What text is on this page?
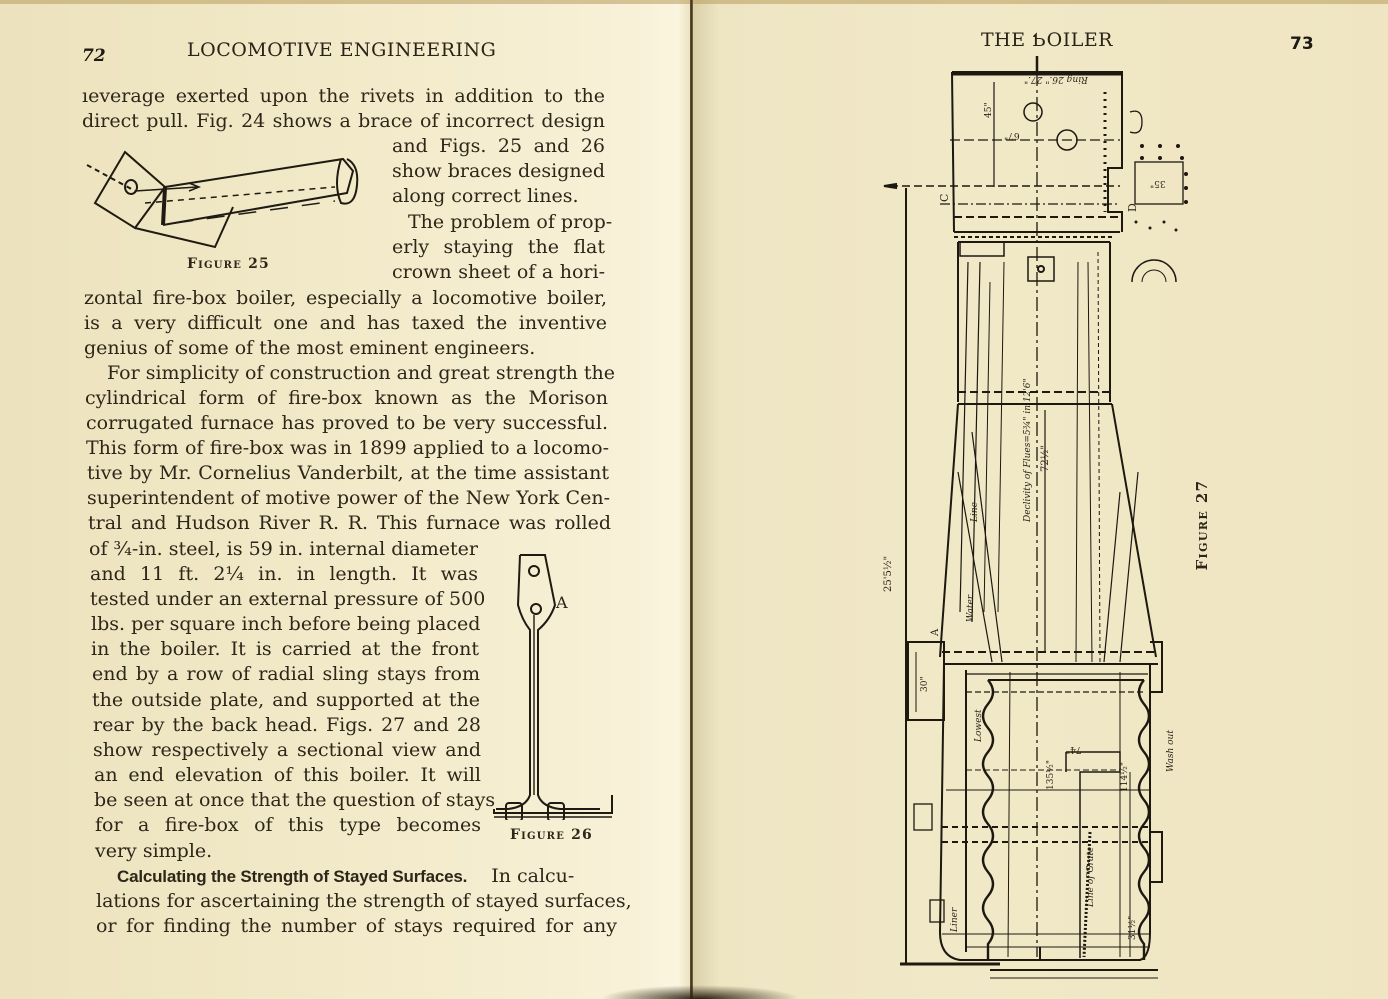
72	LOCOMOTIVE ENGINEERING
ıeverage exerted upon the rivets in addition to the
direct pull. Fig. 24 shows a brace of incorrect design
and Figs. 25 and 26
show braces designed
along correct lines.
The problem of prop-
erly staying the flat
crown sheet of a hori-
zontal fire-box boiler, especially a locomotive boiler,
is a very difficult one and has taxed the inventive
genius of some of the most eminent engineers.
For simplicity of construction and great strength the
cylindrical form of fire-box known as the Morison
corrugated furnace has proved to be very successful.
This form of fire-box was in 1899 applied to a locomo-
tive by Mr. Cornelius Vanderbilt, at the time assistant
superintendent of motive power of the New York Cen-
tral and Hudson River R. R. This furnace was rolled
of ¾-in. steel, is 59 in. internal diameter
and 11 ft. 2¼ in. in length. It was
tested under an external pressure of 500
lbs. per square inch before being placed
in the boiler. It is carried at the front
end by a row of radial sling stays from
the outside plate, and supported at the
rear by the back head. Figs. 27 and 28
show respectively a sectional view and
an end elevation of this boiler. It will
be seen at once that the question of stays
for a fire-box of this type becomes
very simple.
Calculating the Strength of Stayed Surfaces. In calcu-
lations for ascertaining the strength of stayed surfaces,
or for finding the number of stays required for any
Figure 25
A
Figure 26
THE ƄOILER	73
25'5½"
Declivity of Flues=5¾" in 12'6" 72½"
Line
Water
Lowest
Line of Grate
Wash out
Liner
Ring 26." 27."
45"
67"
35"
30"
74"
135½"	114½"
31½"
C
D
A
Figure 27
